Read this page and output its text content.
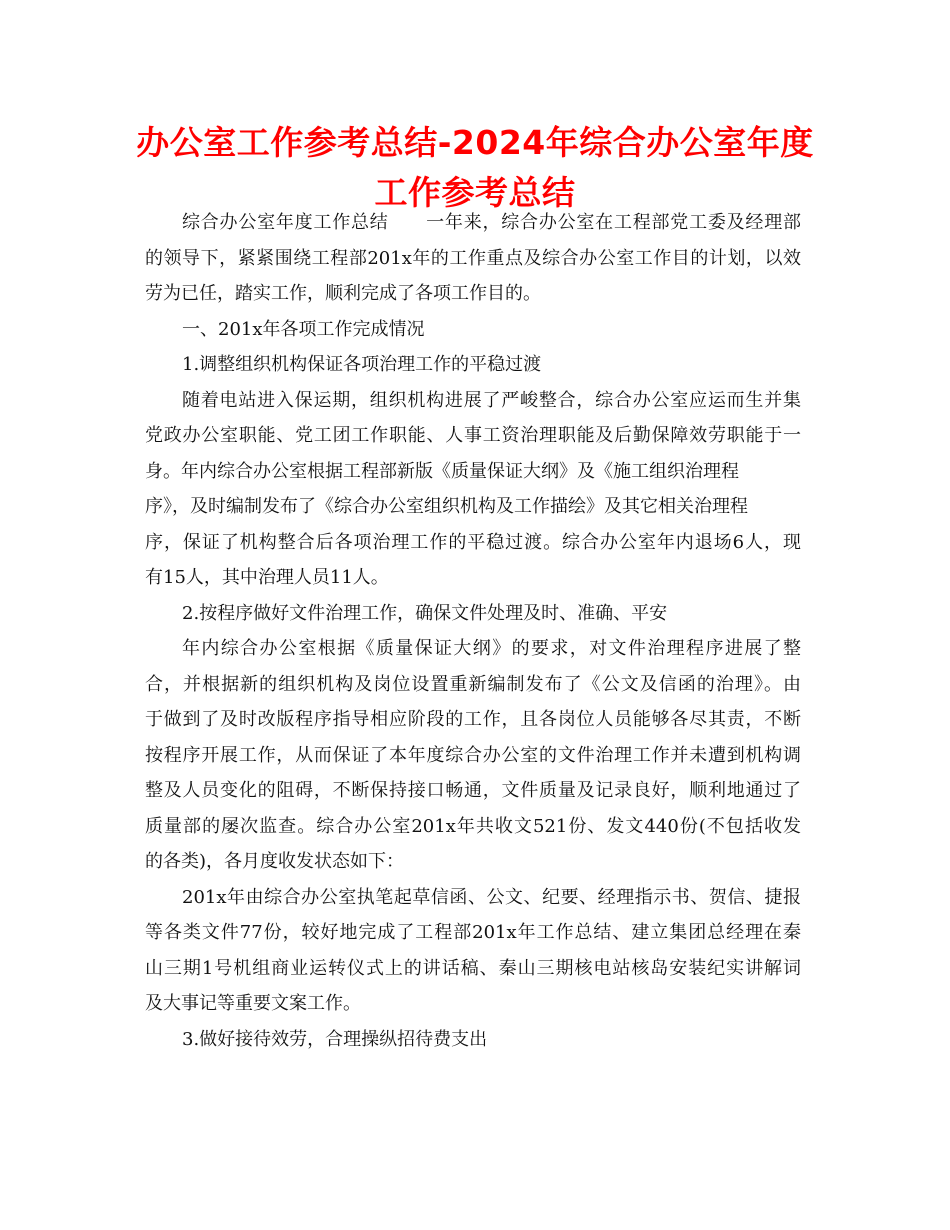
办公室工作参考总结-2024年综合办公室年度工作参考总结
综合办公室年度工作总结　　一年来，综合办公室在工程部党工委及经理部
的领导下，紧紧围绕工程部201x年的工作重点及综合办公室工作目的计划，以效
劳为已任，踏实工作，顺利完成了各项工作目的。
一、201x年各项工作完成情况
1.调整组织机构保证各项治理工作的平稳过渡
随着电站进入保运期，组织机构进展了严峻整合，综合办公室应运而生并集
党政办公室职能、党工团工作职能、人事工资治理职能及后勤保障效劳职能于一
身。年内综合办公室根据工程部新版《质量保证大纲》及《施工组织治理程
序》，及时编制发布了《综合办公室组织机构及工作描绘》及其它相关治理程
序，保证了机构整合后各项治理工作的平稳过渡。综合办公室年内退场6人，现
有15人，其中治理人员11人。
2.按程序做好文件治理工作，确保文件处理及时、准确、平安
年内综合办公室根据《质量保证大纲》的要求，对文件治理程序进展了整
合，并根据新的组织机构及岗位设置重新编制发布了《公文及信函的治理》。由
于做到了及时改版程序指导相应阶段的工作，且各岗位人员能够各尽其责，不断
按程序开展工作，从而保证了本年度综合办公室的文件治理工作并未遭到机构调
整及人员变化的阻碍，不断保持接口畅通，文件质量及记录良好，顺利地通过了
质量部的屡次监查。综合办公室201x年共收文521份、发文440份(不包括收发
的各类)，各月度收发状态如下：
201x年由综合办公室执笔起草信函、公文、纪要、经理指示书、贺信、捷报
等各类文件77份，较好地完成了工程部201x年工作总结、建立集团总经理在秦
山三期1号机组商业运转仪式上的讲话稿、秦山三期核电站核岛安装纪实讲解词
及大事记等重要文案工作。
3.做好接待效劳，合理操纵招待费支出
